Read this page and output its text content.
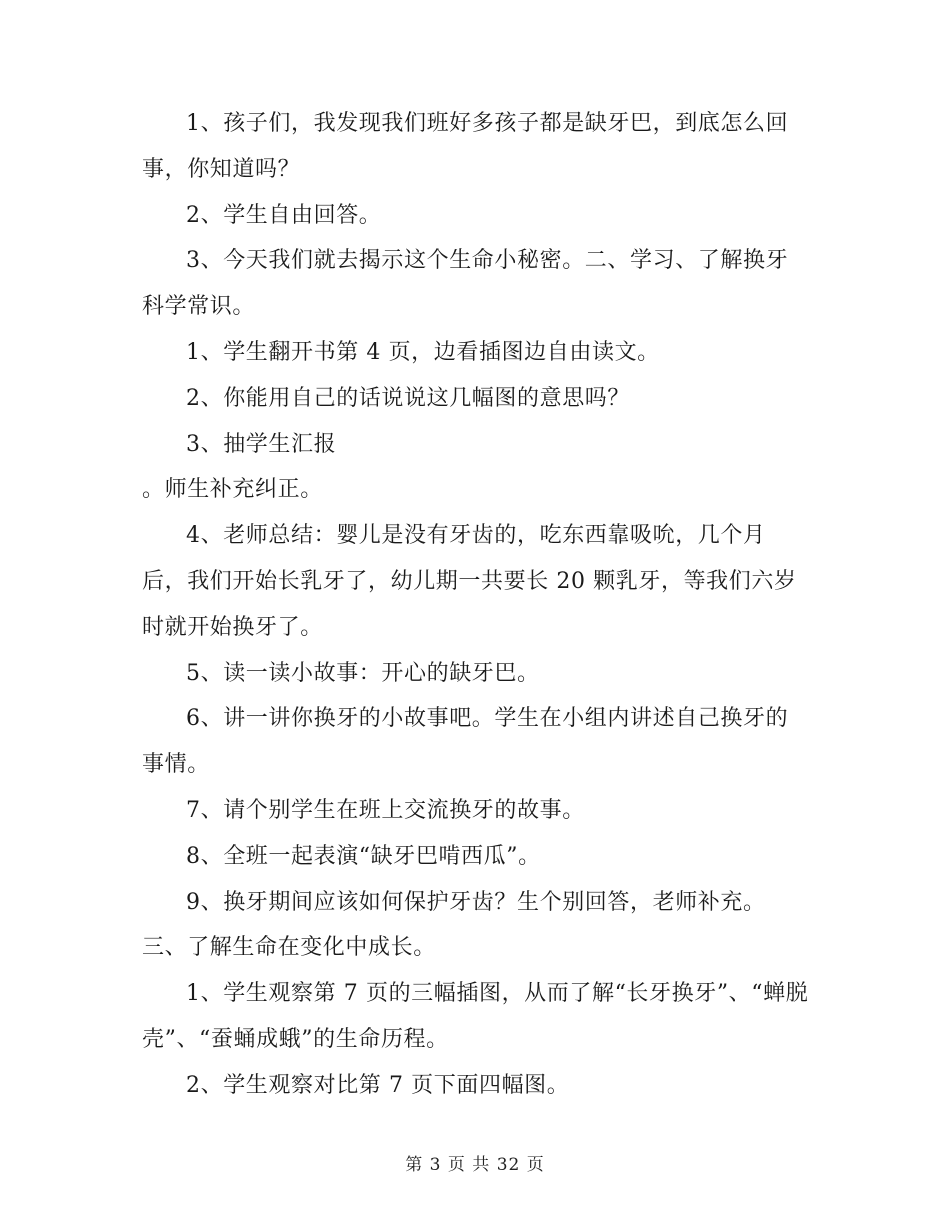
1、孩子们，我发现我们班好多孩子都是缺牙巴，到底怎么回事，你知道吗？

2、学生自由回答。

3、今天我们就去揭示这个生命小秘密。二、学习、了解换牙科学常识。

1、学生翻开书第 4 页，边看插图边自由读文。

2、你能用自己的话说说这几幅图的意思吗？

3、抽学生汇报

。师生补充纠正。

4、老师总结：婴儿是没有牙齿的，吃东西靠吸吮，几个月后，我们开始长乳牙了，幼儿期一共要长 20 颗乳牙，等我们六岁时就开始换牙了。

5、读一读小故事：开心的缺牙巴。

6、讲一讲你换牙的小故事吧。学生在小组内讲述自己换牙的事情。

7、请个别学生在班上交流换牙的故事。

8、全班一起表演“缺牙巴啃西瓜”。

9、换牙期间应该如何保护牙齿？生个别回答，老师补充。

三、了解生命在变化中成长。

1、学生观察第 7 页的三幅插图，从而了解“长牙换牙”、“蝉脱壳”、“蚕蛹成蛾”的生命历程。

2、学生观察对比第 7 页下面四幅图。

第 3 页 共 32 页
